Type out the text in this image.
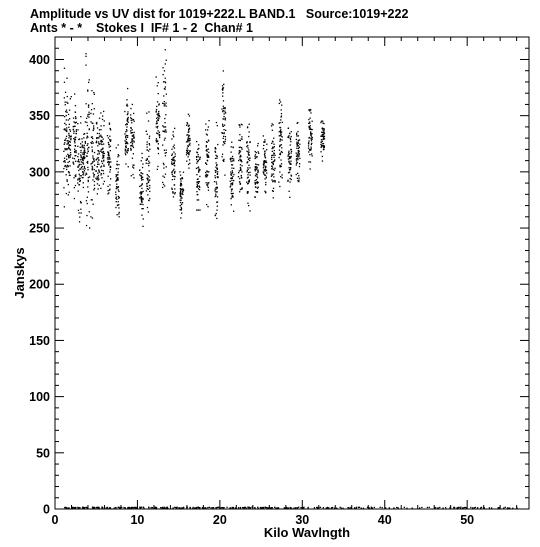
Amplitude vs UV dist for 1019+222.L BAND.1   Source:1019+222
Ants * - *    Stokes I  IF# 1 - 2  Chan# 1
0
50
100
150
200
250
300
350
400
0	10	20	30	40	50
Kilo Wavlngth
Janskys
